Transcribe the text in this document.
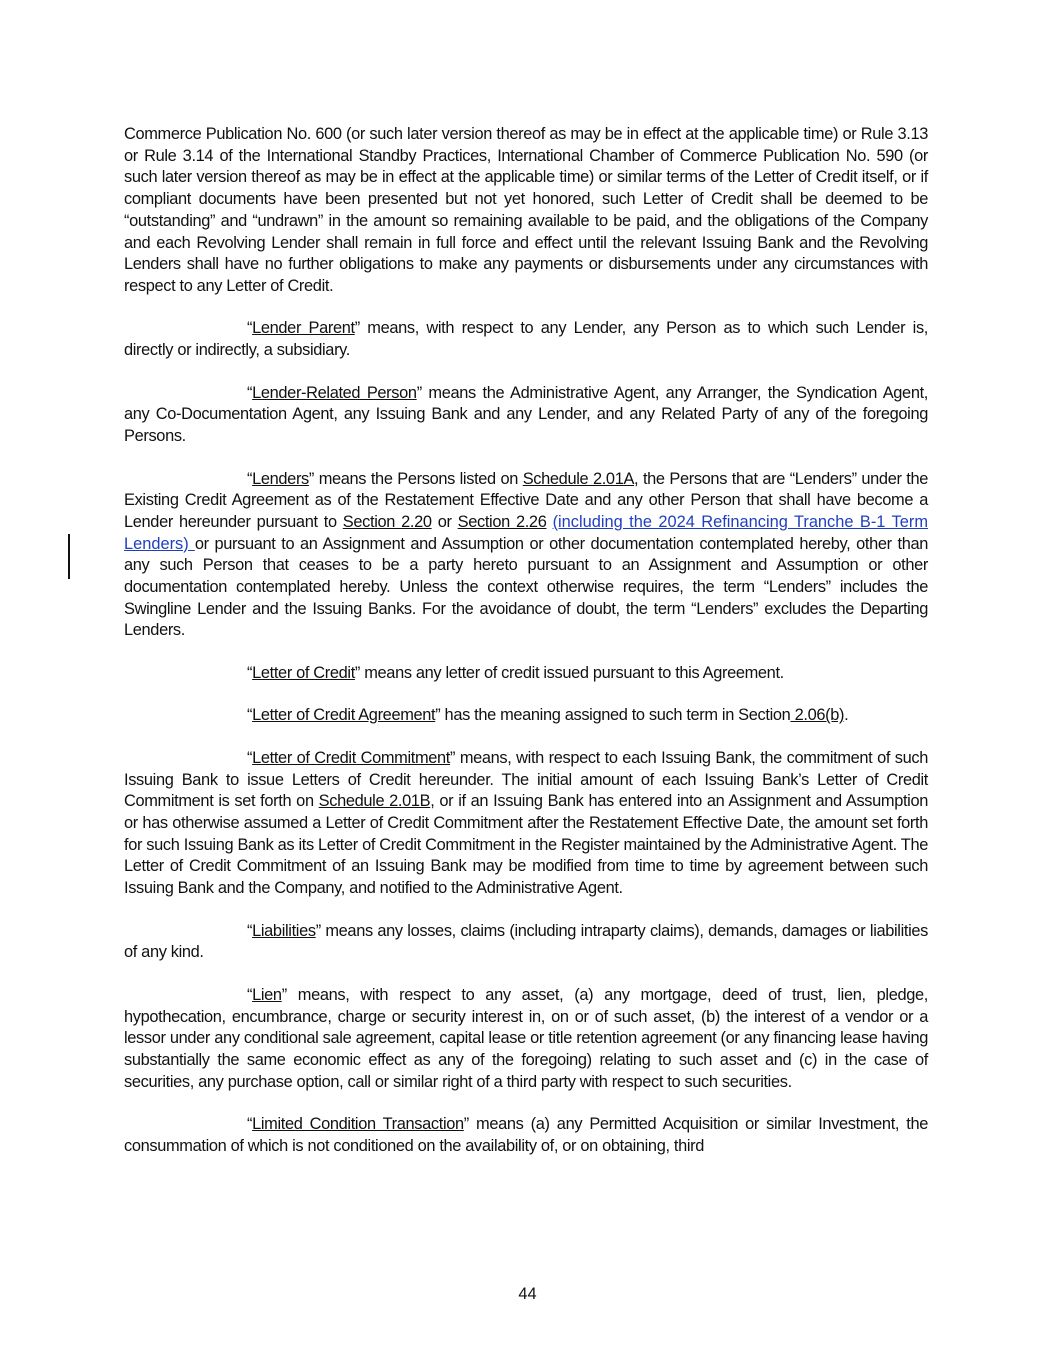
Commerce Publication No. 600 (or such later version thereof as may be in effect at the applicable time) or Rule 3.13 or Rule 3.14 of the International Standby Practices, International Chamber of Commerce Publication No. 590 (or such later version thereof as may be in effect at the applicable time) or similar terms of the Letter of Credit itself, or if compliant documents have been presented but not yet honored, such Letter of Credit shall be deemed to be “outstanding” and “undrawn” in the amount so remaining available to be paid, and the obligations of the Company and each Revolving Lender shall remain in full force and effect until the relevant Issuing Bank and the Revolving Lenders shall have no further obligations to make any payments or disbursements under any circumstances with respect to any Letter of Credit.

“Lender Parent” means, with respect to any Lender, any Person as to which such Lender is, directly or indirectly, a subsidiary.

“Lender-Related Person” means the Administrative Agent, any Arranger, the Syndication Agent, any Co-Documentation Agent, any Issuing Bank and any Lender, and any Related Party of any of the foregoing Persons.

“Lenders” means the Persons listed on Schedule 2.01A, the Persons that are “Lenders” under the Existing Credit Agreement as of the Restatement Effective Date and any other Person that shall have become a Lender hereunder pursuant to Section 2.20 or Section 2.26 (including the 2024 Refinancing Tranche B-1 Term Lenders) or pursuant to an Assignment and Assumption or other documentation contemplated hereby, other than any such Person that ceases to be a party hereto pursuant to an Assignment and Assumption or other documentation contemplated hereby. Unless the context otherwise requires, the term “Lenders” includes the Swingline Lender and the Issuing Banks. For the avoidance of doubt, the term “Lenders” excludes the Departing Lenders.

“Letter of Credit” means any letter of credit issued pursuant to this Agreement.

“Letter of Credit Agreement” has the meaning assigned to such term in Section 2.06(b).

“Letter of Credit Commitment” means, with respect to each Issuing Bank, the commitment of such Issuing Bank to issue Letters of Credit hereunder. The initial amount of each Issuing Bank’s Letter of Credit Commitment is set forth on Schedule 2.01B, or if an Issuing Bank has entered into an Assignment and Assumption or has otherwise assumed a Letter of Credit Commitment after the Restatement Effective Date, the amount set forth for such Issuing Bank as its Letter of Credit Commitment in the Register maintained by the Administrative Agent. The Letter of Credit Commitment of an Issuing Bank may be modified from time to time by agreement between such Issuing Bank and the Company, and notified to the Administrative Agent.

“Liabilities” means any losses, claims (including intraparty claims), demands, damages or liabilities of any kind.

“Lien” means, with respect to any asset, (a) any mortgage, deed of trust, lien, pledge, hypothecation, encumbrance, charge or security interest in, on or of such asset, (b) the interest of a vendor or a lessor under any conditional sale agreement, capital lease or title retention agreement (or any financing lease having substantially the same economic effect as any of the foregoing) relating to such asset and (c) in the case of securities, any purchase option, call or similar right of a third party with respect to such securities.

“Limited Condition Transaction” means (a) any Permitted Acquisition or similar Investment, the consummation of which is not conditioned on the availability of, or on obtaining, third

44
